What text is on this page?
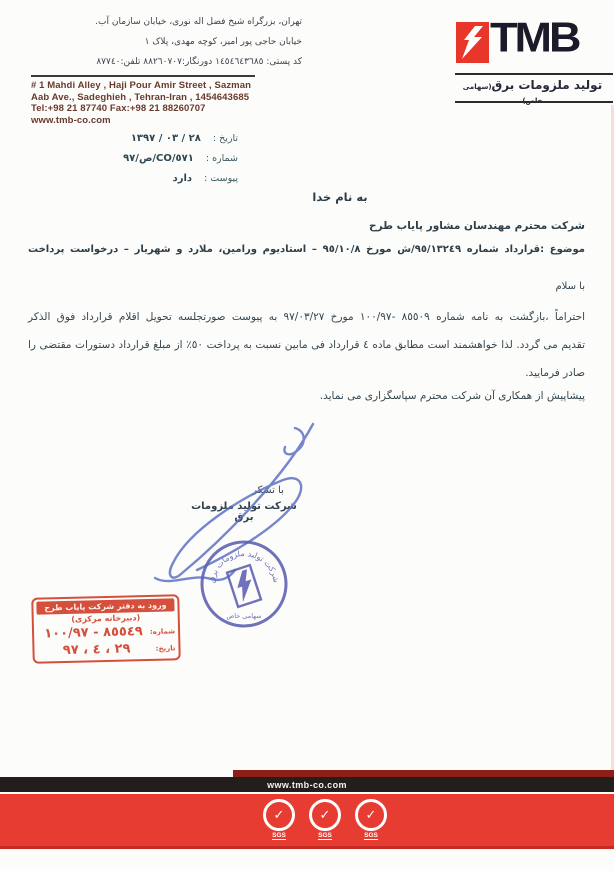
تهران، بزرگراه شیخ فضل اله نوری، خیابان سازمان آب.
خیابان حاجی پور امیر، کوچه مهدی، پلاک ١
کد پستی: ١٤٥٤٦٤٣٦٨٥ دورنگار:٨٨٢٦٠٧٠٧ تلفن:٨٧٧٤٠
# 1 Mahdi Alley , Haji Pour Amir Street , Sazman
Aab Ave., Sadeghieh , Tehran-Iran , 1454643685
Tel:+98 21 87740 Fax:+98 21 88260707
www.tmb-co.com
TMB
تولید ملزومات برق(سهامی خاص)
تاریخ :
١٣٩٧ / ٠٣ / ٢٨
شماره :
٩٧/ص/CO/٥٧١
پیوست :
دارد
به نام خدا
شرکت محترم مهندسان مشاور پایاب طرح
موضوع :قرارداد شماره ٩٥/١٣٢٤٩/ش مورخ ٩٥/١٠/٨ – استادیوم ورامین، ملارد و شهریار – درخواست پرداخت
با سلام
احتراماً ،بازگشت به نامه شماره ٨٥٥٠٩ -١٠٠/٩٧ مورخ ٩٧/٠٣/٢٧ به پیوست صورتجلسه تحویل اقلام قرارداد فوق الذکر
تقدیم می گردد. لذا خواهشمند است مطابق ماده ٤ قرارداد فی مابین نسبت به پرداخت ٥٠٪ از مبلغ قرارداد دستورات مقتضی را
صادر فرمایید.
پیشاپیش از همکاری آن شرکت محترم سپاسگزاری می نماید.
با تشکر
شرکت تولید ملزومات برق
شرکت تولید ملزومات برق
سهامی خاص
ورود به دفتر شرکت پایاب طرح
(دبیرخانه مرکزی)
شماره:
١٠٠/٩٧ - ٨٥٥٤٩
تاریخ:
٩٧ ، ٤ ، ٢٩
www.tmb-co.com
✓
SGS
✓
SGS
✓
SGS
